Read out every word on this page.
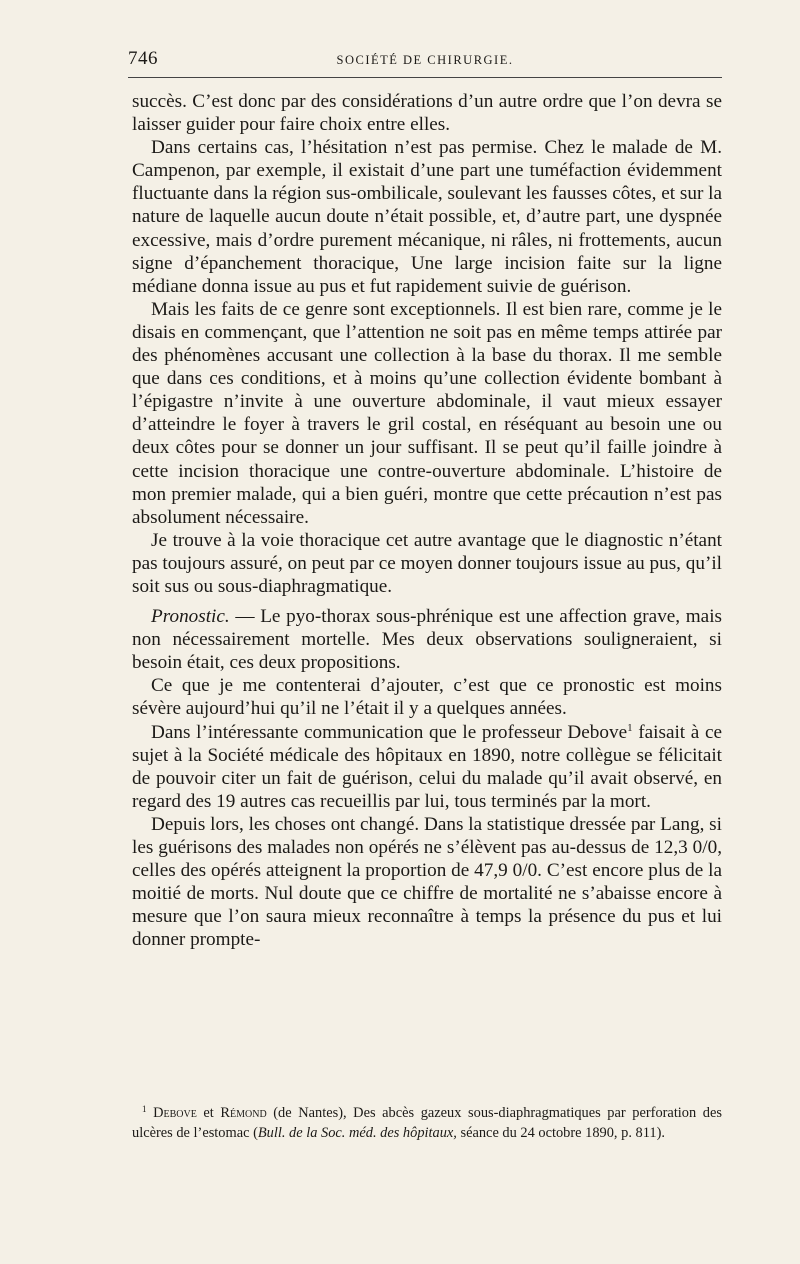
746	SOCIÉTÉ DE CHIRURGIE.

succès. C’est donc par des considérations d’un autre ordre que l’on devra se laisser guider pour faire choix entre elles.

Dans certains cas, l’hésitation n’est pas permise. Chez le malade de M. Campenon, par exemple, il existait d’une part une tuméfaction évidemment fluctuante dans la région sus-ombilicale, soulevant les fausses côtes, et sur la nature de laquelle aucun doute n’était possible, et, d’autre part, une dyspnée excessive, mais d’ordre purement mécanique, ni râles, ni frottements, aucun signe d’épanchement thoracique, Une large incision faite sur la ligne médiane donna issue au pus et fut rapidement suivie de guérison.

Mais les faits de ce genre sont exceptionnels. Il est bien rare, comme je le disais en commençant, que l’attention ne soit pas en même temps attirée par des phénomènes accusant une collection à la base du thorax. Il me semble que dans ces conditions, et à moins qu’une collection évidente bombant à l’épigastre n’invite à une ouverture abdominale, il vaut mieux essayer d’atteindre le foyer à travers le gril costal, en réséquant au besoin une ou deux côtes pour se donner un jour suffisant. Il se peut qu’il faille joindre à cette incision thoracique une contre-ouverture abdominale. L’histoire de mon premier malade, qui a bien guéri, montre que cette précaution n’est pas absolument nécessaire.

Je trouve à la voie thoracique cet autre avantage que le diagnostic n’étant pas toujours assuré, on peut par ce moyen donner toujours issue au pus, qu’il soit sus ou sous-diaphragmatique.

Pronostic. — Le pyo-thorax sous-phrénique est une affection grave, mais non nécessairement mortelle. Mes deux observations souligneraient, si besoin était, ces deux propositions.

Ce que je me contenterai d’ajouter, c’est que ce pronostic est moins sévère aujourd’hui qu’il ne l’était il y a quelques années.

Dans l’intéressante communication que le professeur Debove$^1$ faisait à ce sujet à la Société médicale des hôpitaux en 1890, notre collègue se félicitait de pouvoir citer un fait de guérison, celui du malade qu’il avait observé, en regard des 19 autres cas recueillis par lui, tous terminés par la mort.

Depuis lors, les choses ont changé. Dans la statistique dressée par Lang, si les guérisons des malades non opérés ne s’élèvent pas au-dessus de 12,3 0/0, celles des opérés atteignent la proportion de 47,9 0/0. C’est encore plus de la moitié de morts. Nul doute que ce chiffre de mortalité ne s’abaisse encore à mesure que l’on saura mieux reconnaître à temps la présence du pus et lui donner prompte-

$^1$ Debove et Rémond (de Nantes), Des abcès gazeux sous-diaphragmatiques par perforation des ulcères de l’estomac (Bull. de la Soc. méd. des hôpitaux, séance du 24 octobre 1890, p. 811).
